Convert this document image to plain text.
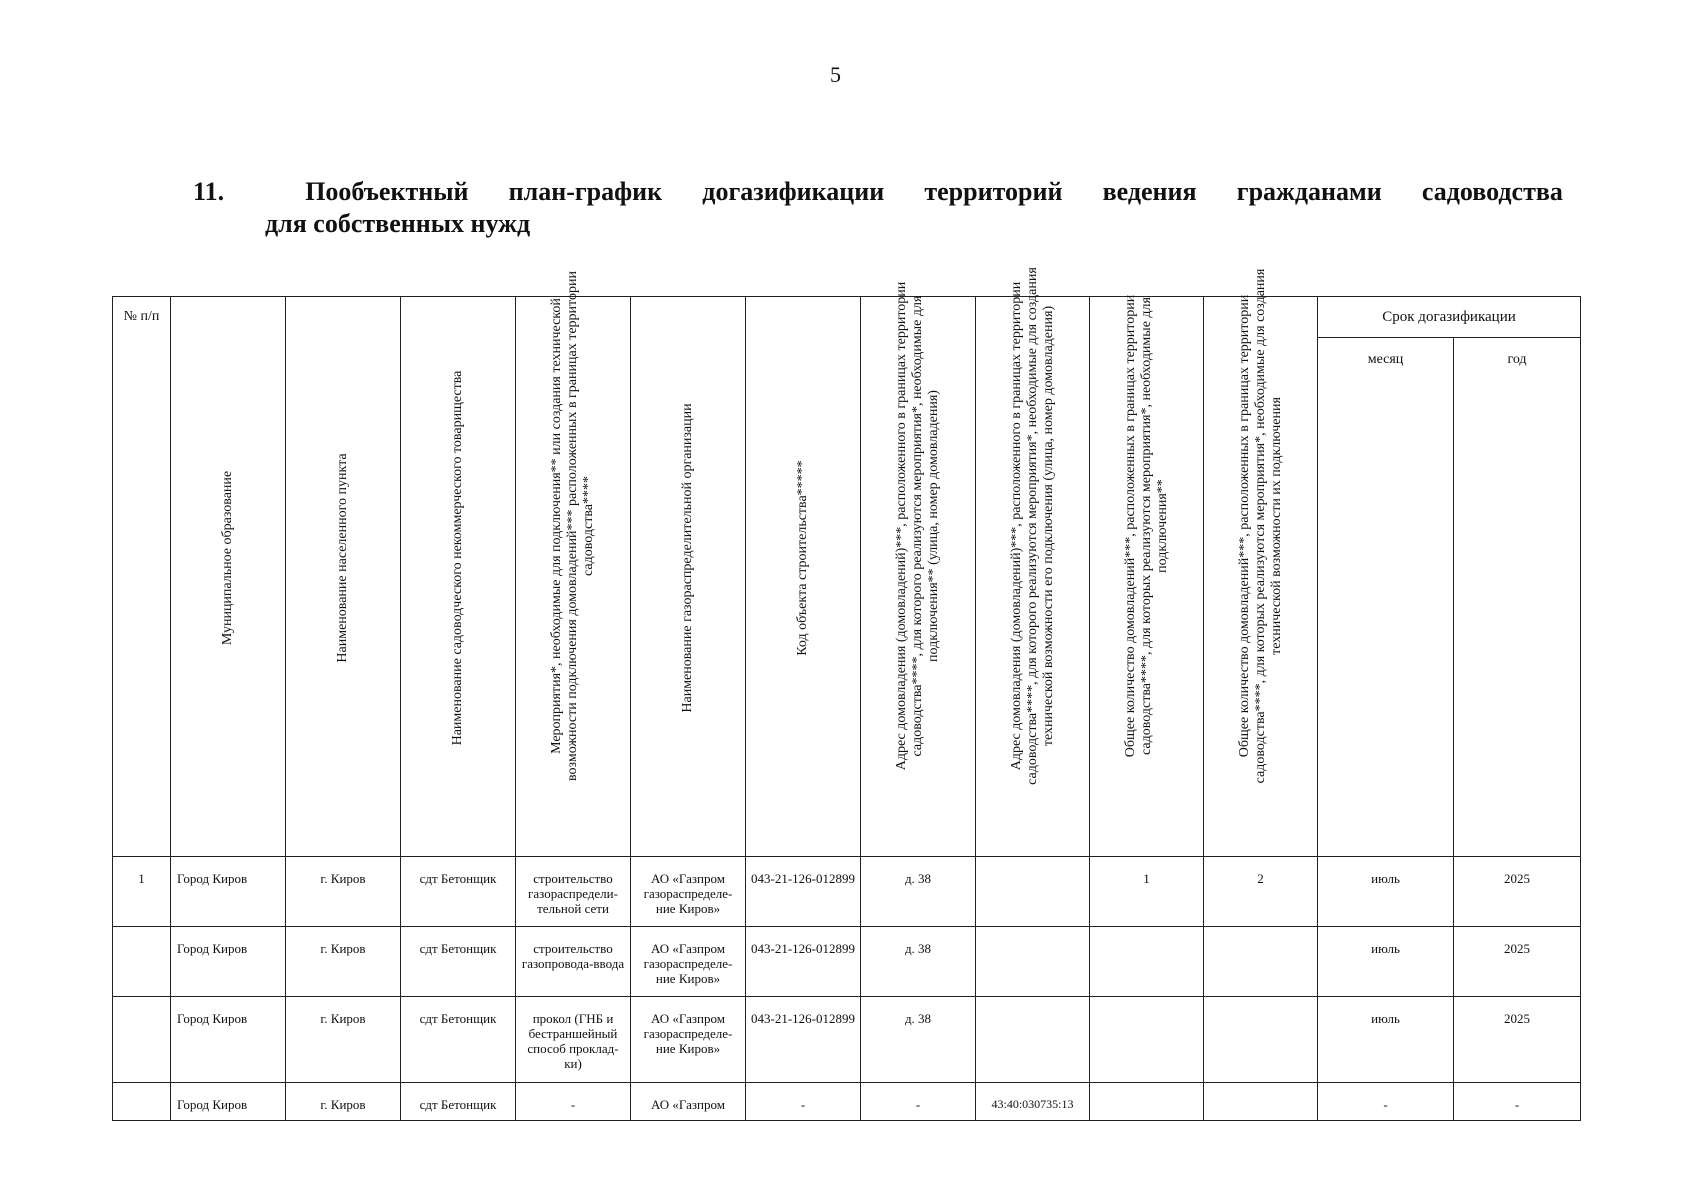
5
11.	Пообъектный план-график догазификации территорий ведения гражданами садоводства
для собственных нужд
№ п/п	Муниципальное образование	Наименование населенного пункта	Наименование садоводческого некоммерческого товарищества	Мероприятия*, необходимые для подключения** или создания технической возможности подключения домовладений*** расположенных в границах территории садоводства****	Наименование газораспределительной организации	Код объекта строительства*****	Адрес домовладения (домовладений)***, расположенного в границах территории садоводства****, для которого реализуются мероприятия*, необходимые для подключения** (улица, номер домовладения)	Адрес домовладения (домовладений)***, расположенного в границах территории садоводства****, для которого реализуются мероприятия*, необходимые для создания технической возможности его подключения (улица, номер домовладения)	Общее количество домовладений***, расположенных в границах территории садоводства****, для которых реализуются мероприятия*, необходимые для подключения**	Общее количество домовладений***, расположенных в границах территории садоводства****, для которых реализуются мероприятия*, необходимые для создания технической возможности их подключения	Срок догазификации	
											месяц	год
1	Город Киров	г. Киров	сдт Бетонщик	строительство газораспредели-тельной сети	АО «Газпром газораспределе-ние Киров»	043-21-126-012899	д. 38		1	2	июль	2025
	Город Киров	г. Киров	сдт Бетонщик	строительство газопровода-ввода	АО «Газпром газораспределе-ние Киров»	043-21-126-012899	д. 38				июль	2025
	Город Киров	г. Киров	сдт Бетонщик	прокол (ГНБ и бестраншейный способ проклад-ки)	АО «Газпром газораспределе-ние Киров»	043-21-126-012899	д. 38				июль	2025
	Город Киров	г. Киров	сдт Бетонщик	-	АО «Газпром	-	-	43:40:030735:13			-	-
